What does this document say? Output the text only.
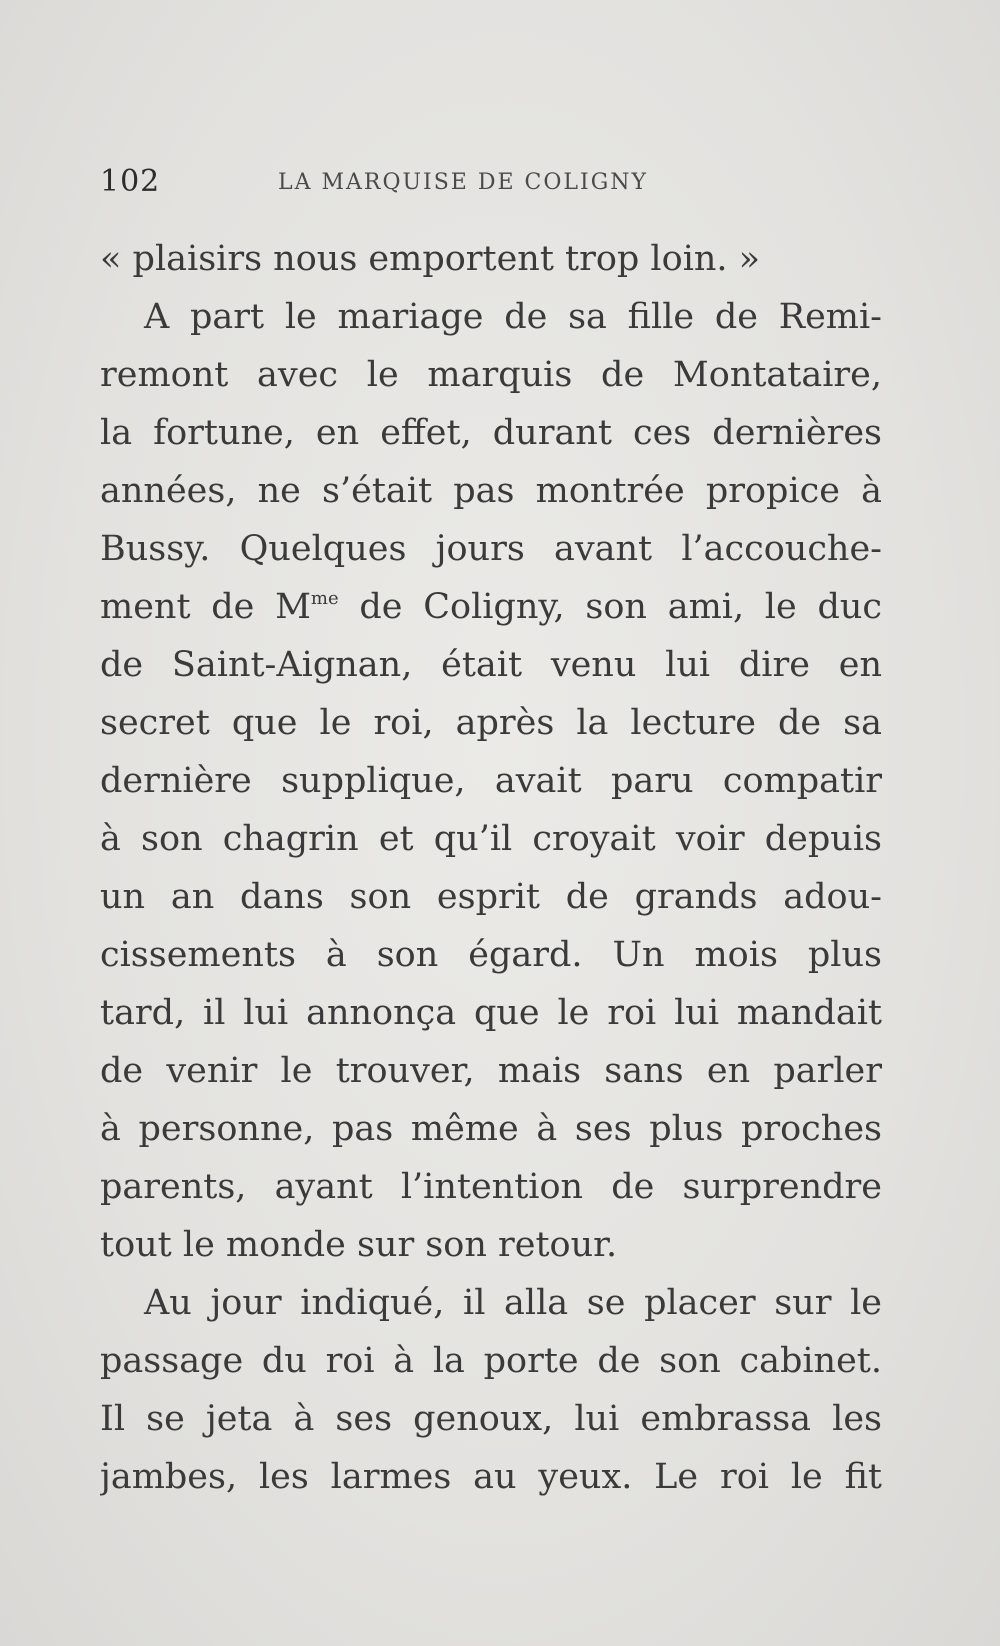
102	LA MARQUISE DE COLIGNY
« plaisirs nous emportent trop loin. »
A part le mariage de sa fille de Remi-
remont avec le marquis de Montataire,
la fortune, en effet, durant ces dernières
années, ne s’était pas montrée propice à
Bussy. Quelques jours avant l’accouche-
ment de $M^{me}$ de Coligny, son ami, le duc
de Saint-Aignan, était venu lui dire en
secret que le roi, après la lecture de sa
dernière supplique, avait paru compatir
à son chagrin et qu’il croyait voir depuis
un an dans son esprit de grands adou-
cissements à son égard. Un mois plus
tard, il lui annonça que le roi lui mandait
de venir le trouver, mais sans en parler
à personne, pas même à ses plus proches
parents, ayant l’intention de surprendre
tout le monde sur son retour.
Au jour indiqué, il alla se placer sur le
passage du roi à la porte de son cabinet.
Il se jeta à ses genoux, lui embrassa les
jambes, les larmes au yeux. Le roi le fit
